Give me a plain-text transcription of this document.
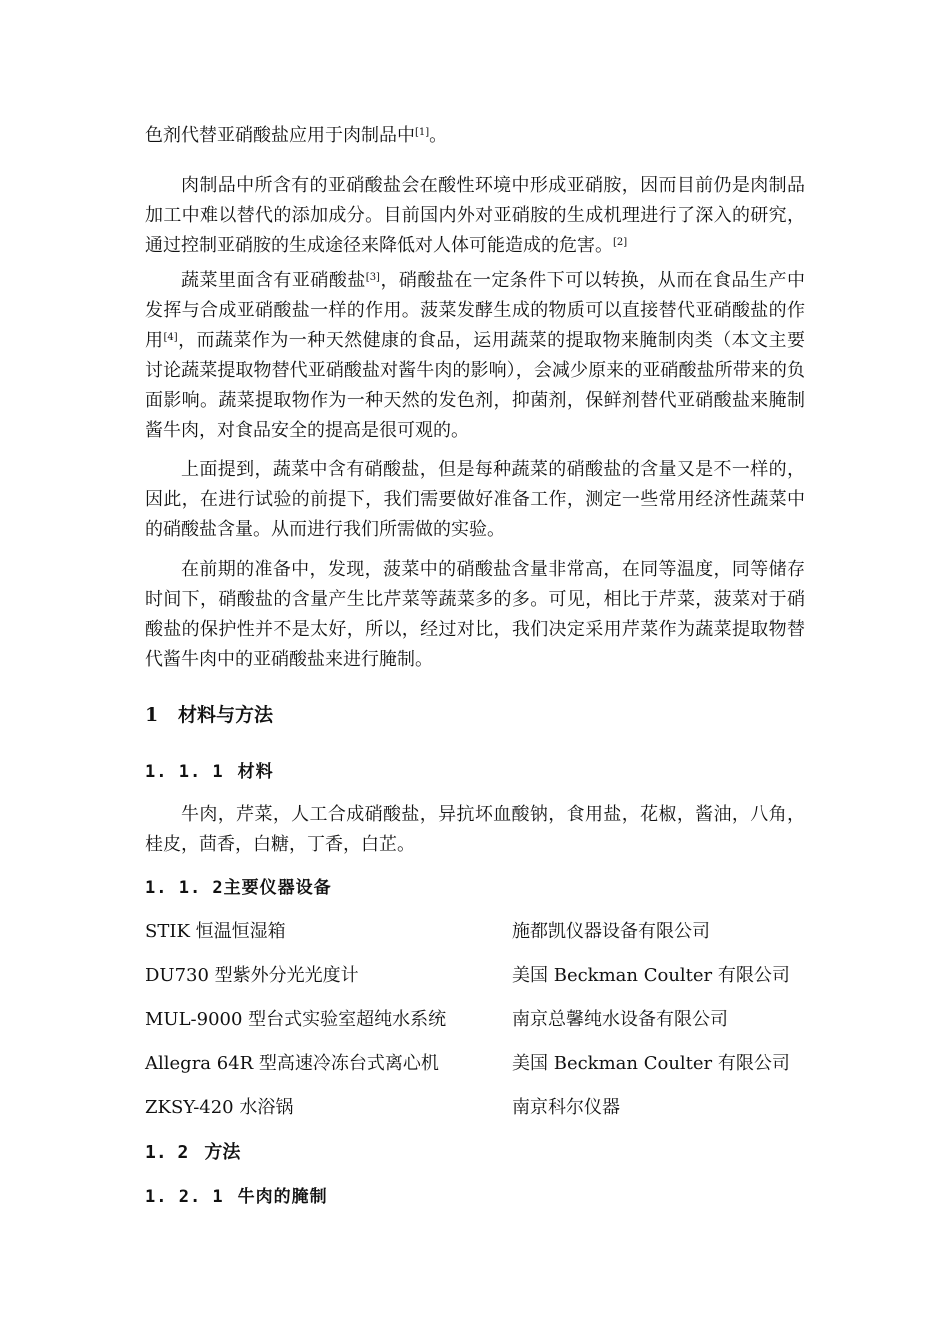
色剂代替亚硝酸盐应用于肉制品中[1]。

肉制品中所含有的亚硝酸盐会在酸性环境中形成亚硝胺，因而目前仍是肉制品加工中难以替代的添加成分。目前国内外对亚硝胺的生成机理进行了深入的研究，通过控制亚硝胺的生成途径来降低对人体可能造成的危害。[2]

蔬菜里面含有亚硝酸盐[3]，硝酸盐在一定条件下可以转换，从而在食品生产中发挥与合成亚硝酸盐一样的作用。菠菜发酵生成的物质可以直接替代亚硝酸盐的作用[4]，而蔬菜作为一种天然健康的食品，运用蔬菜的提取物来腌制肉类（本文主要讨论蔬菜提取物替代亚硝酸盐对酱牛肉的影响），会减少原来的亚硝酸盐所带来的负面影响。蔬菜提取物作为一种天然的发色剂，抑菌剂，保鲜剂替代亚硝酸盐来腌制酱牛肉，对食品安全的提高是很可观的。

上面提到，蔬菜中含有硝酸盐，但是每种蔬菜的硝酸盐的含量又是不一样的，因此，在进行试验的前提下，我们需要做好准备工作，测定一些常用经济性蔬菜中的硝酸盐含量。从而进行我们所需做的实验。

在前期的准备中，发现，菠菜中的硝酸盐含量非常高，在同等温度，同等储存时间下，硝酸盐的含量产生比芹菜等蔬菜多的多。可见，相比于芹菜，菠菜对于硝酸盐的保护性并不是太好，所以，经过对比，我们决定采用芹菜作为蔬菜提取物替代酱牛肉中的亚硝酸盐来进行腌制。

1 材料与方法
1. 1. 1 材料

牛肉，芹菜，人工合成硝酸盐，异抗坏血酸钠，食用盐，花椒，酱油，八角，桂皮，茴香，白糖，丁香，白芷。

1. 1. 2主要仪器设备
STIK 恒温恒湿箱	施都凯仪器设备有限公司
DU730 型紫外分光光度计	美国 Beckman Coulter 有限公司
MUL-9000 型台式实验室超纯水系统	南京总馨纯水设备有限公司
Allegra 64R 型高速冷冻台式离心机	美国 Beckman Coulter 有限公司
ZKSY-420 水浴锅	南京科尔仪器
1. 2 方法
1. 2. 1 牛肉的腌制
